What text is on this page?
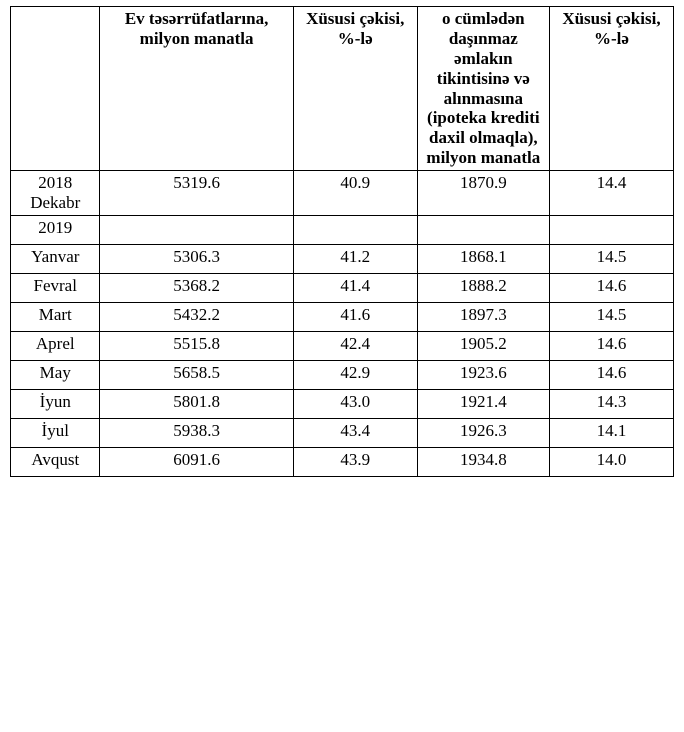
	Ev təsərrüfatlarına, milyon manatla	Xüsusi çəkisi, %-lə	o cümlədən daşınmaz əmlakın tikintisinə və alınmasına (ipoteka krediti daxil olmaqla), milyon manatla	Xüsusi çəkisi, %-lə
2018 Dekabr	5319.6	40.9	1870.9	14.4
2019				
Yanvar	5306.3	41.2	1868.1	14.5
Fevral	5368.2	41.4	1888.2	14.6
Mart	5432.2	41.6	1897.3	14.5
Aprel	5515.8	42.4	1905.2	14.6
May	5658.5	42.9	1923.6	14.6
İyun	5801.8	43.0	1921.4	14.3
İyul	5938.3	43.4	1926.3	14.1
Avqust	6091.6	43.9	1934.8	14.0
